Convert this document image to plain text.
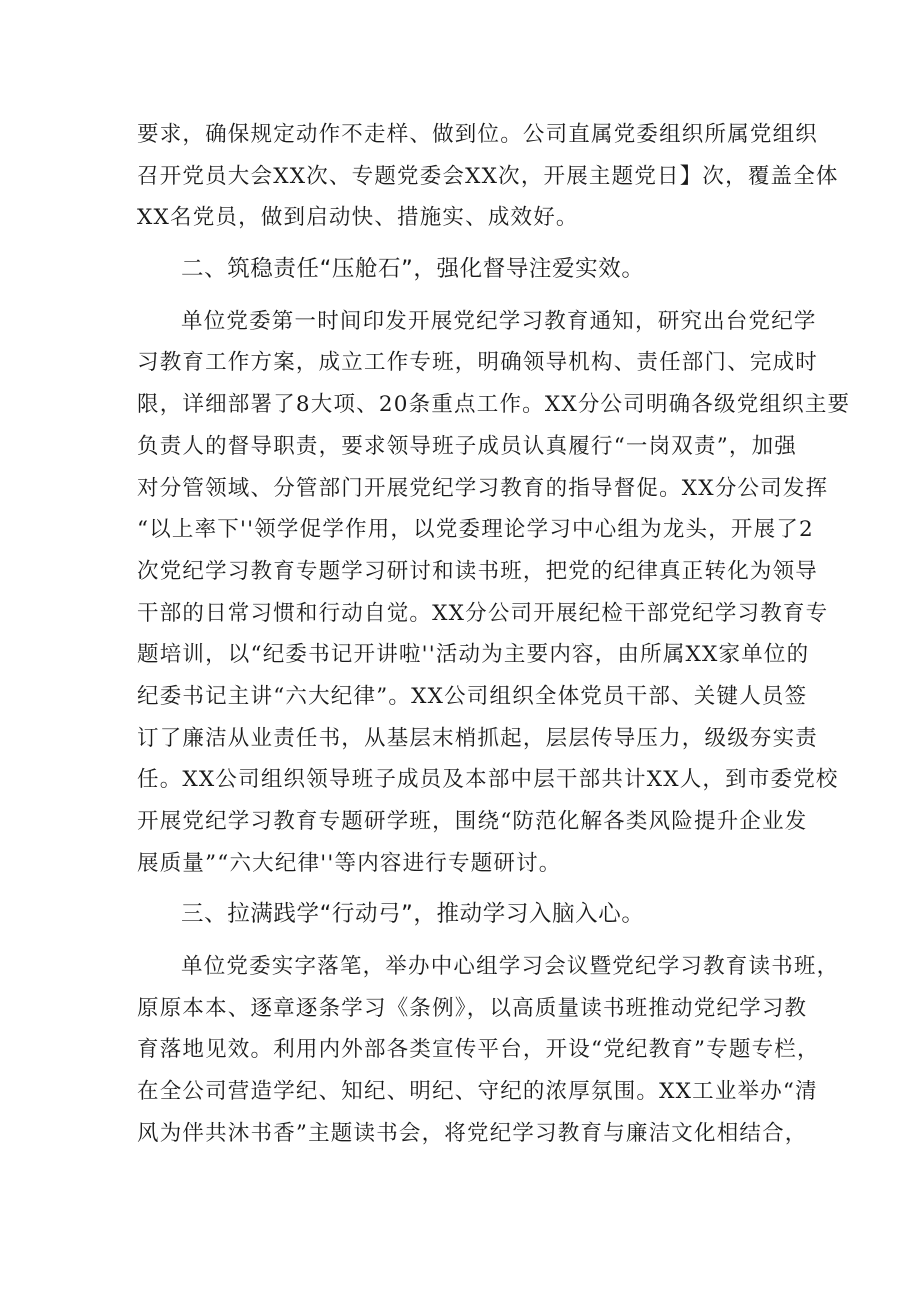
要求，确保规定动作不走样、做到位。公司直属党委组织所属党组织
召开党员大会XX次、专题党委会XX次，开展主题党日】次，覆盖全体
XX名党员，做到启动快、措施实、成效好。
二、筑稳责任“压舱石”，强化督导注爱实效。
单位党委第一时间印发开展党纪学习教育通知，研究出台党纪学
习教育工作方案，成立工作专班，明确领导机构、责任部门、完成时
限，详细部署了8大项、20条重点工作。XX分公司明确各级党组织主要
负责人的督导职责，要求领导班子成员认真履行“一岗双责”，加强
对分管领域、分管部门开展党纪学习教育的指导督促。XX分公司发挥
“以上率下''领学促学作用，以党委理论学习中心组为龙头，开展了2
次党纪学习教育专题学习研讨和读书班，把党的纪律真正转化为领导
干部的日常习惯和行动自觉。XX分公司开展纪检干部党纪学习教育专
题培训，以“纪委书记开讲啦''活动为主要内容，由所属XX家单位的
纪委书记主讲“六大纪律”。XX公司组织全体党员干部、关键人员签
订了廉洁从业责任书，从基层末梢抓起，层层传导压力，级级夯实责
任。XX公司组织领导班子成员及本部中层干部共计XX人，到市委党校
开展党纪学习教育专题研学班，围绕“防范化解各类风险提升企业发
展质量”“六大纪律''等内容进行专题研讨。
三、拉满践学“行动弓”，推动学习入脑入心。
单位党委实字落笔，举办中心组学习会议暨党纪学习教育读书班，
原原本本、逐章逐条学习《条例》，以高质量读书班推动党纪学习教
育落地见效。利用内外部各类宣传平台，开设“党纪教育”专题专栏，
在全公司营造学纪、知纪、明纪、守纪的浓厚氛围。XX工业举办“清
风为伴共沐书香”主题读书会，将党纪学习教育与廉洁文化相结合，
